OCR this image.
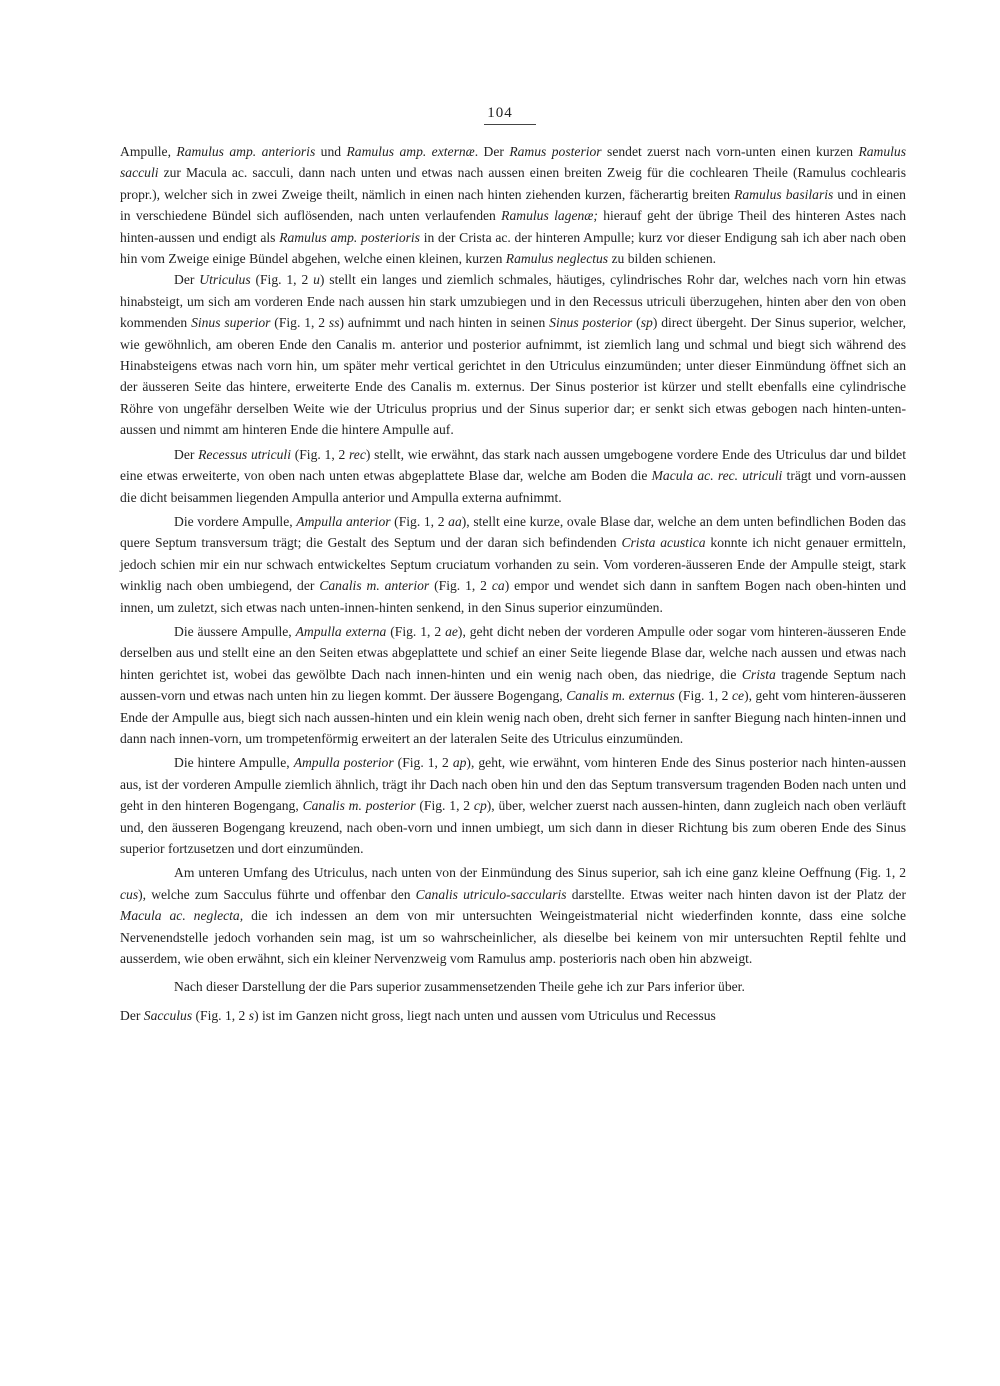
104

Ampulle, Ramulus amp. anterioris und Ramulus amp. externæ. Der Ramus posterior sendet zuerst nach vorn-unten einen kurzen Ramulus sacculi zur Macula ac. sacculi, dann nach unten und etwas nach aussen einen breiten Zweig für die cochlearen Theile (Ramulus cochlearis propr.), welcher sich in zwei Zweige theilt, nämlich in einen nach hinten ziehenden kurzen, fächerartig breiten Ramulus basilaris und in einen in verschiedene Bündel sich auflösenden, nach unten verlaufenden Ramulus lagenæ; hierauf geht der übrige Theil des hinteren Astes nach hinten-aussen und endigt als Ramulus amp. posterioris in der Crista ac. der hinteren Ampulle; kurz vor dieser Endigung sah ich aber nach oben hin vom Zweige einige Bündel abgehen, welche einen kleinen, kurzen Ramulus neglectus zu bilden schienen.

Der Utriculus (Fig. 1, 2 u) stellt ein langes und ziemlich schmales, häutiges, cylindrisches Rohr dar, welches nach vorn hin etwas hinabsteigt, um sich am vorderen Ende nach aussen hin stark umzubiegen und in den Recessus utriculi überzugehen, hinten aber den von oben kommenden Sinus superior (Fig. 1, 2 ss) aufnimmt und nach hinten in seinen Sinus posterior (sp) direct übergeht. Der Sinus superior, welcher, wie gewöhnlich, am oberen Ende den Canalis m. anterior und posterior aufnimmt, ist ziemlich lang und schmal und biegt sich während des Hinabsteigens etwas nach vorn hin, um später mehr vertical gerichtet in den Utriculus einzumünden; unter dieser Einmündung öffnet sich an der äusseren Seite das hintere, erweiterte Ende des Canalis m. externus. Der Sinus posterior ist kürzer und stellt ebenfalls eine cylindrische Röhre von ungefähr derselben Weite wie der Utriculus proprius und der Sinus superior dar; er senkt sich etwas gebogen nach hinten-unten-aussen und nimmt am hinteren Ende die hintere Ampulle auf.

Der Recessus utriculi (Fig. 1, 2 rec) stellt, wie erwähnt, das stark nach aussen umgebogene vordere Ende des Utriculus dar und bildet eine etwas erweiterte, von oben nach unten etwas abgeplattete Blase dar, welche am Boden die Macula ac. rec. utriculi trägt und vorn-aussen die dicht beisammen liegenden Ampulla anterior und Ampulla externa aufnimmt.

Die vordere Ampulle, Ampulla anterior (Fig. 1, 2 aa), stellt eine kurze, ovale Blase dar, welche an dem unten befindlichen Boden das quere Septum transversum trägt; die Gestalt des Septum und der daran sich befindenden Crista acustica konnte ich nicht genauer ermitteln, jedoch schien mir ein nur schwach entwickeltes Septum cruciatum vorhanden zu sein. Vom vorderen-äusseren Ende der Ampulle steigt, stark winklig nach oben umbiegend, der Canalis m. anterior (Fig. 1, 2 ca) empor und wendet sich dann in sanftem Bogen nach oben-hinten und innen, um zuletzt, sich etwas nach unten-innen-hinten senkend, in den Sinus superior einzumünden.

Die äussere Ampulle, Ampulla externa (Fig. 1, 2 ae), geht dicht neben der vorderen Ampulle oder sogar vom hinteren-äusseren Ende derselben aus und stellt eine an den Seiten etwas abgeplattete und schief an einer Seite liegende Blase dar, welche nach aussen und etwas nach hinten gerichtet ist, wobei das gewölbte Dach nach innen-hinten und ein wenig nach oben, das niedrige, die Crista tragende Septum nach aussen-vorn und etwas nach unten hin zu liegen kommt. Der äussere Bogengang, Canalis m. externus (Fig. 1, 2 ce), geht vom hinteren-äusseren Ende der Ampulle aus, biegt sich nach aussen-hinten und ein klein wenig nach oben, dreht sich ferner in sanfter Biegung nach hinten-innen und dann nach innen-vorn, um trompetenförmig erweitert an der lateralen Seite des Utriculus einzumünden.

Die hintere Ampulle, Ampulla posterior (Fig. 1, 2 ap), geht, wie erwähnt, vom hinteren Ende des Sinus posterior nach hinten-aussen aus, ist der vorderen Ampulle ziemlich ähnlich, trägt ihr Dach nach oben hin und den das Septum transversum tragenden Boden nach unten und geht in den hinteren Bogengang, Canalis m. posterior (Fig. 1, 2 cp), über, welcher zuerst nach aussen-hinten, dann zugleich nach oben verläuft und, den äusseren Bogengang kreuzend, nach oben-vorn und innen umbiegt, um sich dann in dieser Richtung bis zum oberen Ende des Sinus superior fortzusetzen und dort einzumünden.

Am unteren Umfang des Utriculus, nach unten von der Einmündung des Sinus superior, sah ich eine ganz kleine Oeffnung (Fig. 1, 2 cus), welche zum Sacculus führte und offenbar den Canalis utriculo-saccularis darstellte. Etwas weiter nach hinten davon ist der Platz der Macula ac. neglecta, die ich indessen an dem von mir untersuchten Weingeistmaterial nicht wiederfinden konnte, dass eine solche Nervenendstelle jedoch vorhanden sein mag, ist um so wahrscheinlicher, als dieselbe bei keinem von mir untersuchten Reptil fehlte und ausserdem, wie oben erwähnt, sich ein kleiner Nervenzweig vom Ramulus amp. posterioris nach oben hin abzweigt.

Nach dieser Darstellung der die Pars superior zusammensetzenden Theile gehe ich zur Pars inferior über.

Der Sacculus (Fig. 1, 2 s) ist im Ganzen nicht gross, liegt nach unten und aussen vom Utriculus und Recessus
